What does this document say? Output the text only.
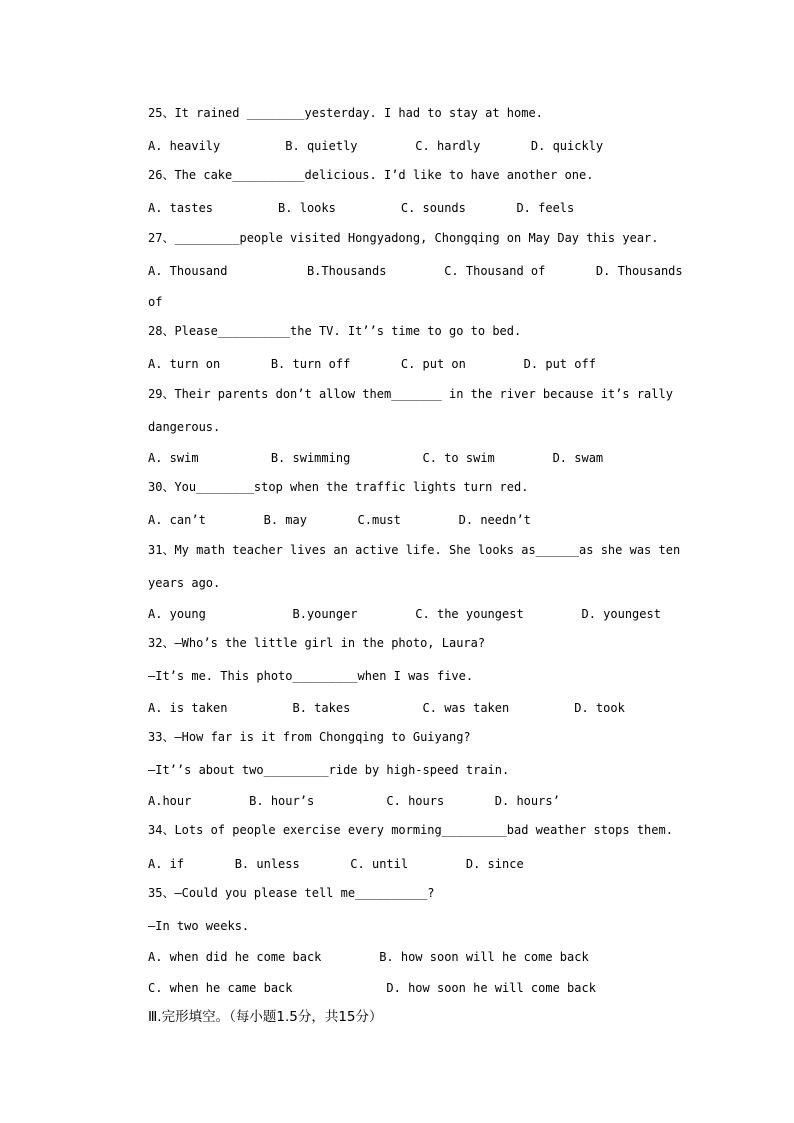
25、It rained ________yesterday. I had to stay at home.

A. heavily         B. quietly        C. hardly       D. quickly

26、The cake__________delicious. I’d like to have another one.

A. tastes         B. looks         C. sounds       D. feels

27、_________people visited Hongyadong, Chongqing on May Day this year.

A. Thousand           B.Thousands        C. Thousand of       D. Thousands

of

28、Please__________the TV. It’’s time to go to bed.

A. turn on       B. turn off       C. put on        D. put off

29、Their parents don’t allow them_______ in the river because it’s rally

dangerous.

A. swim          B. swimming          C. to swim        D. swam

30、You________stop when the traffic lights turn red.

A. can’t        B. may       C.must        D. needn’t

31、My math teacher lives an active life. She looks as______as she was ten

years ago.

A. young            B.younger        C. the youngest        D. youngest

32、–Who’s the little girl in the photo, Laura?

–It’s me. This photo_________when I was five.

A. is taken         B. takes          C. was taken         D. took

33、–How far is it from Chongqing to Guiyang?

–It’’s about two_________ride by high-speed train.

A.hour        B. hour’s          C. hours       D. hours’

34、Lots of people exercise every morming_________bad weather stops them.

A. if       B. unless       C. until        D. since

35、–Could you please tell me__________?

–In two weeks.

A. when did he come back        B. how soon will he come back

C. when he came back             D. how soon he will come back

Ⅲ.完形填空。（每小题1.5分，共15分）
